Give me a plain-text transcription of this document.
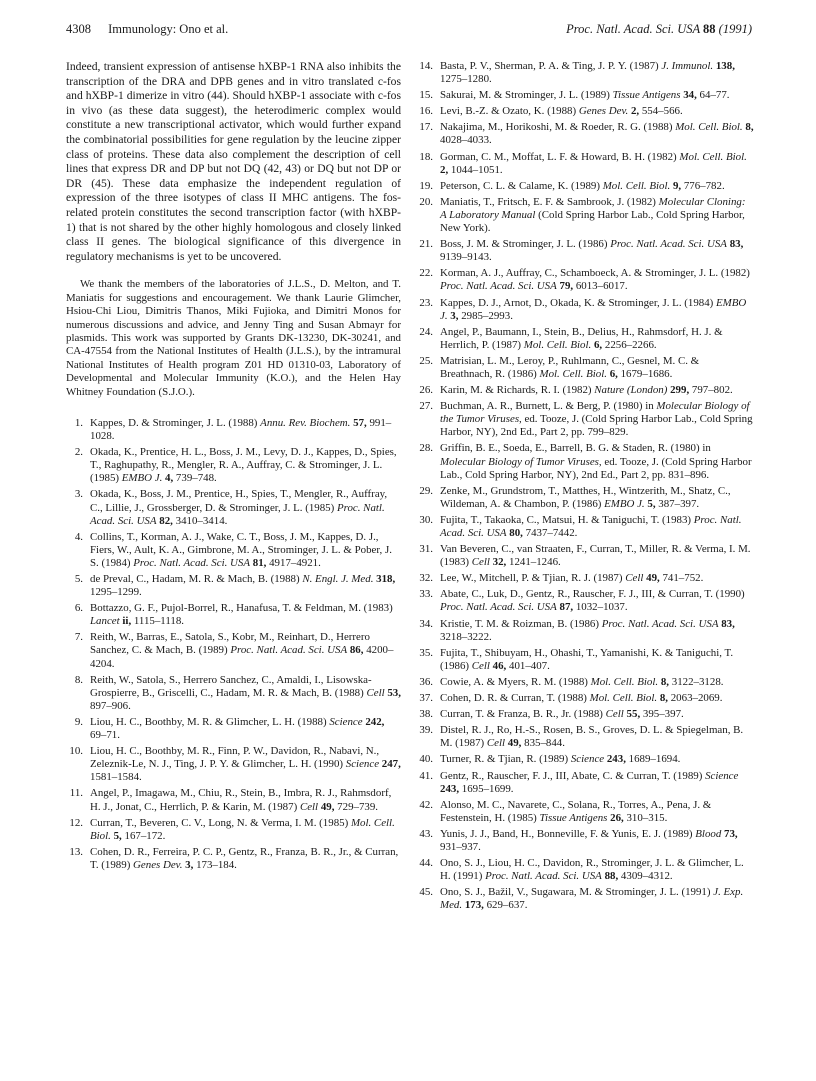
4308 Immunology: Ono et al.	Proc. Natl. Acad. Sci. USA 88 (1991)

Indeed, transient expression of antisense hXBP-1 RNA also inhibits the transcription of the DRA and DPB genes and in vitro translated c-fos and hXBP-1 dimerize in vitro (44). Should hXBP-1 associate with c-fos in vivo (as these data suggest), the heterodimeric complex would constitute a new transcriptional activator, which would further expand the combinatorial possibilities for gene regulation by the leucine zipper class of proteins. These data also complement the description of cell lines that express DR and DP but not DQ (42, 43) or DQ but not DP or DR (45). These data emphasize the independent regulation of expression of the three isotypes of class II MHC antigens. The fos-related protein constitutes the second transcription factor (with hXBP-1) that is not shared by the other highly homologous and closely linked class II genes. The biological significance of this divergence in regulatory mechanisms is yet to be uncovered.

We thank the members of the laboratories of J.L.S., D. Melton, and T. Maniatis for suggestions and encouragement. We thank Laurie Glimcher, Hsiou-Chi Liou, Dimitris Thanos, Miki Fujioka, and Dimitri Monos for numerous discussions and advice, and Jenny Ting and Susan Abmayr for plasmids. This work was supported by Grants DK-13230, DK-30241, and CA-47554 from the National Institutes of Health (J.L.S.), by the intramural National Institutes of Health program Z01 HD 01310-03, Laboratory of Developmental and Molecular Immunity (K.O.), and the Helen Hay Whitney Foundation (S.J.O.).

1. Kappes, D. & Strominger, J. L. (1988) Annu. Rev. Biochem. 57, 991–1028.
2. Okada, K., Prentice, H. L., Boss, J. M., Levy, D. J., Kappes, D., Spies, T., Raghupathy, R., Mengler, R. A., Auffray, C. & Strominger, J. L. (1985) EMBO J. 4, 739–748.
3. Okada, K., Boss, J. M., Prentice, H., Spies, T., Mengler, R., Auffray, C., Lillie, J., Grossberger, D. & Strominger, J. L. (1985) Proc. Natl. Acad. Sci. USA 82, 3410–3414.
4. Collins, T., Korman, A. J., Wake, C. T., Boss, J. M., Kappes, D. J., Fiers, W., Ault, K. A., Gimbrone, M. A., Strominger, J. L. & Pober, J. S. (1984) Proc. Natl. Acad. Sci. USA 81, 4917–4921.
5. de Preval, C., Hadam, M. R. & Mach, B. (1988) N. Engl. J. Med. 318, 1295–1299.
6. Bottazzo, G. F., Pujol-Borrel, R., Hanafusa, T. & Feldman, M. (1983) Lancet ii, 1115–1118.
7. Reith, W., Barras, E., Satola, S., Kobr, M., Reinhart, D., Herrero Sanchez, C. & Mach, B. (1989) Proc. Natl. Acad. Sci. USA 86, 4200–4204.
8. Reith, W., Satola, S., Herrero Sanchez, C., Amaldi, I., Lisowska-Grospierre, B., Griscelli, C., Hadam, M. R. & Mach, B. (1988) Cell 53, 897–906.
9. Liou, H. C., Boothby, M. R. & Glimcher, L. H. (1988) Science 242, 69–71.
10. Liou, H. C., Boothby, M. R., Finn, P. W., Davidon, R., Nabavi, N., Zeleznik-Le, N. J., Ting, J. P. Y. & Glimcher, L. H. (1990) Science 247, 1581–1584.
11. Angel, P., Imagawa, M., Chiu, R., Stein, B., Imbra, R. J., Rahmsdorf, H. J., Jonat, C., Herrlich, P. & Karin, M. (1987) Cell 49, 729–739.
12. Curran, T., Beveren, C. V., Long, N. & Verma, I. M. (1985) Mol. Cell. Biol. 5, 167–172.
13. Cohen, D. R., Ferreira, P. C. P., Gentz, R., Franza, B. R., Jr., & Curran, T. (1989) Genes Dev. 3, 173–184.
14. Basta, P. V., Sherman, P. A. & Ting, J. P. Y. (1987) J. Immunol. 138, 1275–1280.
15. Sakurai, M. & Strominger, J. L. (1989) Tissue Antigens 34, 64–77.
16. Levi, B.-Z. & Ozato, K. (1988) Genes Dev. 2, 554–566.
17. Nakajima, M., Horikoshi, M. & Roeder, R. G. (1988) Mol. Cell. Biol. 8, 4028–4033.
18. Gorman, C. M., Moffat, L. F. & Howard, B. H. (1982) Mol. Cell. Biol. 2, 1044–1051.
19. Peterson, C. L. & Calame, K. (1989) Mol. Cell. Biol. 9, 776–782.
20. Maniatis, T., Fritsch, E. F. & Sambrook, J. (1982) Molecular Cloning: A Laboratory Manual (Cold Spring Harbor Lab., Cold Spring Harbor, New York).
21. Boss, J. M. & Strominger, J. L. (1986) Proc. Natl. Acad. Sci. USA 83, 9139–9143.
22. Korman, A. J., Auffray, C., Schamboeck, A. & Strominger, J. L. (1982) Proc. Natl. Acad. Sci. USA 79, 6013–6017.
23. Kappes, D. J., Arnot, D., Okada, K. & Strominger, J. L. (1984) EMBO J. 3, 2985–2993.
24. Angel, P., Baumann, I., Stein, B., Delius, H., Rahmsdorf, H. J. & Herrlich, P. (1987) Mol. Cell. Biol. 6, 2256–2266.
25. Matrisian, L. M., Leroy, P., Ruhlmann, C., Gesnel, M. C. & Breathnach, R. (1986) Mol. Cell. Biol. 6, 1679–1686.
26. Karin, M. & Richards, R. I. (1982) Nature (London) 299, 797–802.
27. Buchman, A. R., Burnett, L. & Berg, P. (1980) in Molecular Biology of the Tumor Viruses, ed. Tooze, J. (Cold Spring Harbor Lab., Cold Spring Harbor, NY), 2nd Ed., Part 2, pp. 799–829.
28. Griffin, B. E., Soeda, E., Barrell, B. G. & Staden, R. (1980) in Molecular Biology of Tumor Viruses, ed. Tooze, J. (Cold Spring Harbor Lab., Cold Spring Harbor, NY), 2nd Ed., Part 2, pp. 831–896.
29. Zenke, M., Grundstrom, T., Matthes, H., Wintzerith, M., Shatz, C., Wildeman, A. & Chambon, P. (1986) EMBO J. 5, 387–397.
30. Fujita, T., Takaoka, C., Matsui, H. & Taniguchi, T. (1983) Proc. Natl. Acad. Sci. USA 80, 7437–7442.
31. Van Beveren, C., van Straaten, F., Curran, T., Miller, R. & Verma, I. M. (1983) Cell 32, 1241–1246.
32. Lee, W., Mitchell, P. & Tjian, R. J. (1987) Cell 49, 741–752.
33. Abate, C., Luk, D., Gentz, R., Rauscher, F. J., III, & Curran, T. (1990) Proc. Natl. Acad. Sci. USA 87, 1032–1037.
34. Kristie, T. M. & Roizman, B. (1986) Proc. Natl. Acad. Sci. USA 83, 3218–3222.
35. Fujita, T., Shibuyam, H., Ohashi, T., Yamanishi, K. & Taniguchi, T. (1986) Cell 46, 401–407.
36. Cowie, A. & Myers, R. M. (1988) Mol. Cell. Biol. 8, 3122–3128.
37. Cohen, D. R. & Curran, T. (1988) Mol. Cell. Biol. 8, 2063–2069.
38. Curran, T. & Franza, B. R., Jr. (1988) Cell 55, 395–397.
39. Distel, R. J., Ro, H.-S., Rosen, B. S., Groves, D. L. & Spiegelman, B. M. (1987) Cell 49, 835–844.
40. Turner, R. & Tjian, R. (1989) Science 243, 1689–1694.
41. Gentz, R., Rauscher, F. J., III, Abate, C. & Curran, T. (1989) Science 243, 1695–1699.
42. Alonso, M. C., Navarete, C., Solana, R., Torres, A., Pena, J. & Festenstein, H. (1985) Tissue Antigens 26, 310–315.
43. Yunis, J. J., Band, H., Bonneville, F. & Yunis, E. J. (1989) Blood 73, 931–937.
44. Ono, S. J., Liou, H. C., Davidon, R., Strominger, J. L. & Glimcher, L. H. (1991) Proc. Natl. Acad. Sci. USA 88, 4309–4312.
45. Ono, S. J., Bažil, V., Sugawara, M. & Strominger, J. L. (1991) J. Exp. Med. 173, 629–637.
